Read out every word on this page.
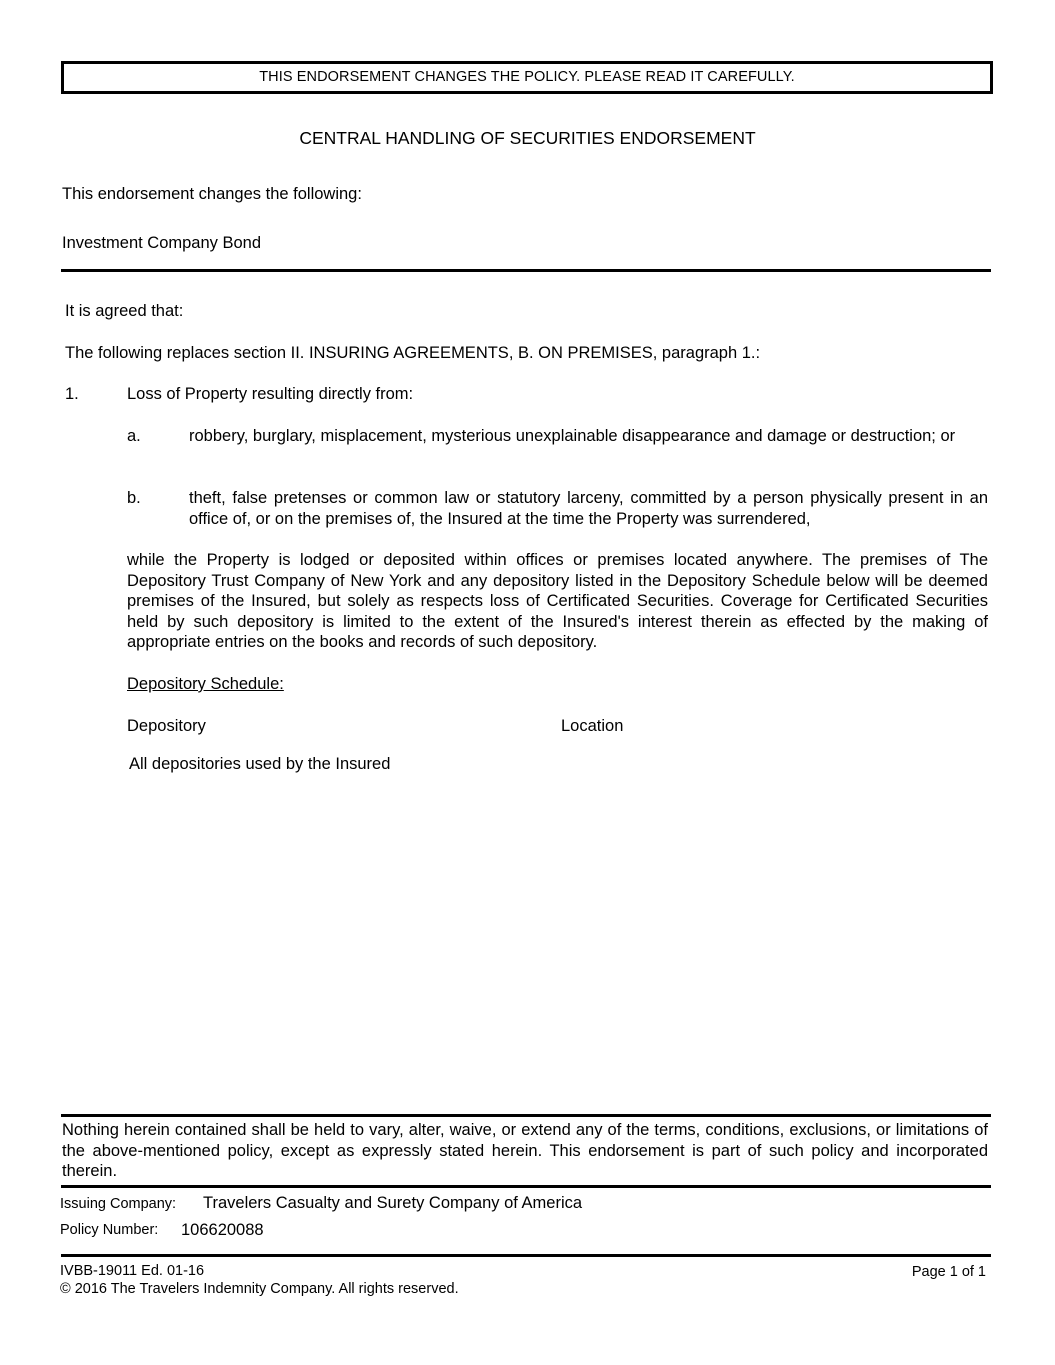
THIS ENDORSEMENT CHANGES THE POLICY. PLEASE READ IT CAREFULLY.
CENTRAL HANDLING OF SECURITIES ENDORSEMENT
This endorsement changes the following:
Investment Company Bond
It is agreed that:
The following replaces section II. INSURING AGREEMENTS, B. ON PREMISES, paragraph 1.:
1.	Loss of Property resulting directly from:
a.	robbery, burglary, misplacement, mysterious unexplainable disappearance and damage or destruction; or
b.	theft, false pretenses or common law or statutory larceny, committed by a person physically present in an office of, or on the premises of, the Insured at the time the Property was surrendered,
while the Property is lodged or deposited within offices or premises located anywhere. The premises of The Depository Trust Company of New York and any depository listed in the Depository Schedule below will be deemed premises of the Insured, but solely as respects loss of Certificated Securities. Coverage for Certificated Securities held by such depository is limited to the extent of the Insured's interest therein as effected by the making of appropriate entries on the books and records of such depository.
Depository Schedule:
Depository	Location
All depositories used by the Insured
Nothing herein contained shall be held to vary, alter, waive, or extend any of the terms, conditions, exclusions, or limitations of the above-mentioned policy, except as expressly stated herein. This endorsement is part of such policy and incorporated therein.
Issuing Company: Travelers Casualty and Surety Company of America
Policy Number: 106620088
IVBB-19011 Ed. 01-16
© 2016 The Travelers Indemnity Company. All rights reserved.
Page 1 of 1
